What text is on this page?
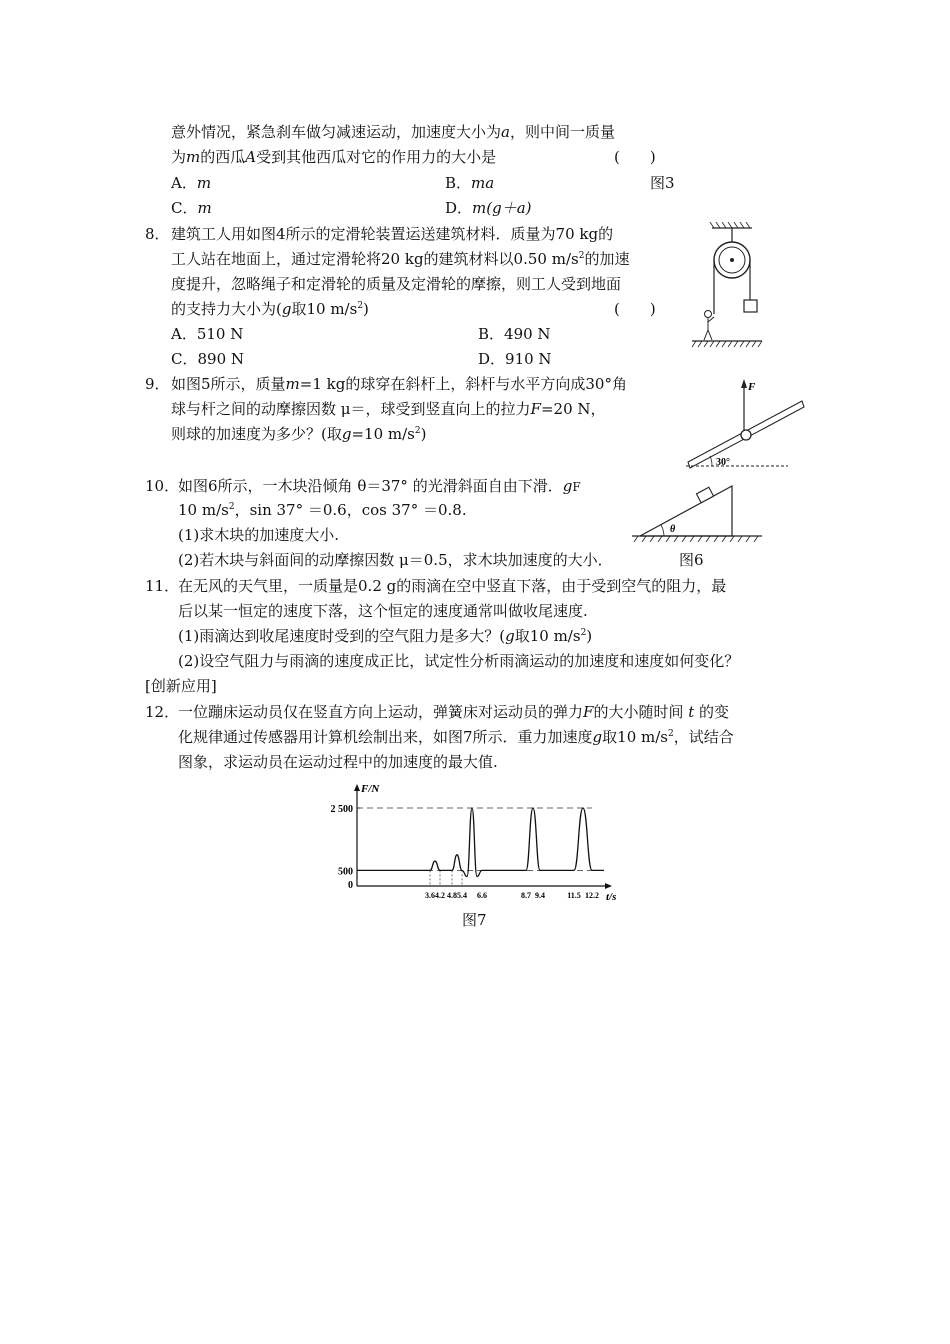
意外情况，紧急刹车做匀减速运动，加速度大小为a，则中间一质量
为m的西瓜A受到其他西瓜对它的作用力的大小是	(　　)
A．m	B．ma	图3
C．m	D．m(g＋a)
8． 建筑工人用如图4所示的定滑轮装置运送建筑材料．质量为70 kg的
工人站在地面上，通过定滑轮将20 kg的建筑材料以0.50 $m/s^2$的加速
度提升，忽略绳子和定滑轮的质量及定滑轮的摩擦，则工人受到地面
的支持力大小为(g取10 $m/s^2$)	(　　)
A．510 N	B．490 N
C．890 N	D．910 N
9． 如图5所示，质量m=1 kg的球穿在斜杆上，斜杆与水平方向成30°角
球与杆之间的动摩擦因数 μ＝，球受到竖直向上的拉力F=20 N，
则球的加速度为多少？(取g=10 $m/s^2$)
F
30°
10．
如图6所示，一木块沿倾角 θ＝37° 的光滑斜面自由下滑．gF
10 $m/s^2$，sin 37° ＝0.6，cos 37° ＝0.8.
(1)求木块的加速度大小.
(2)若木块与斜面间的动摩擦因数 μ＝0.5，求木块加速度的大小．	图6
θ
11．
在无风的天气里，一质量是0.2 g的雨滴在空中竖直下落，由于受到空气的阻力，最
后以某一恒定的速度下落，这个恒定的速度通常叫做收尾速度.
(1)雨滴达到收尾速度时受到的空气阻力是多大？(g取10 $m/s^2$)
(2)设空气阻力与雨滴的速度成正比，试定性分析雨滴运动的加速度和速度如何变化？
[创新应用]
12．
一位蹦床运动员仅在竖直方向上运动，弹簧床对运动员的弹力F的大小随时间 t 的变
化规律通过传感器用计算机绘制出来，如图7所示．重力加速度g取10 $m/s^2$，试结合
图象，求运动员在运动过程中的加速度的最大值.
F/N
t/s
0
500
2 500
3.6 4.2 4.8 5.4 6.6	8.7 9.4	11.5 12.2
图7
